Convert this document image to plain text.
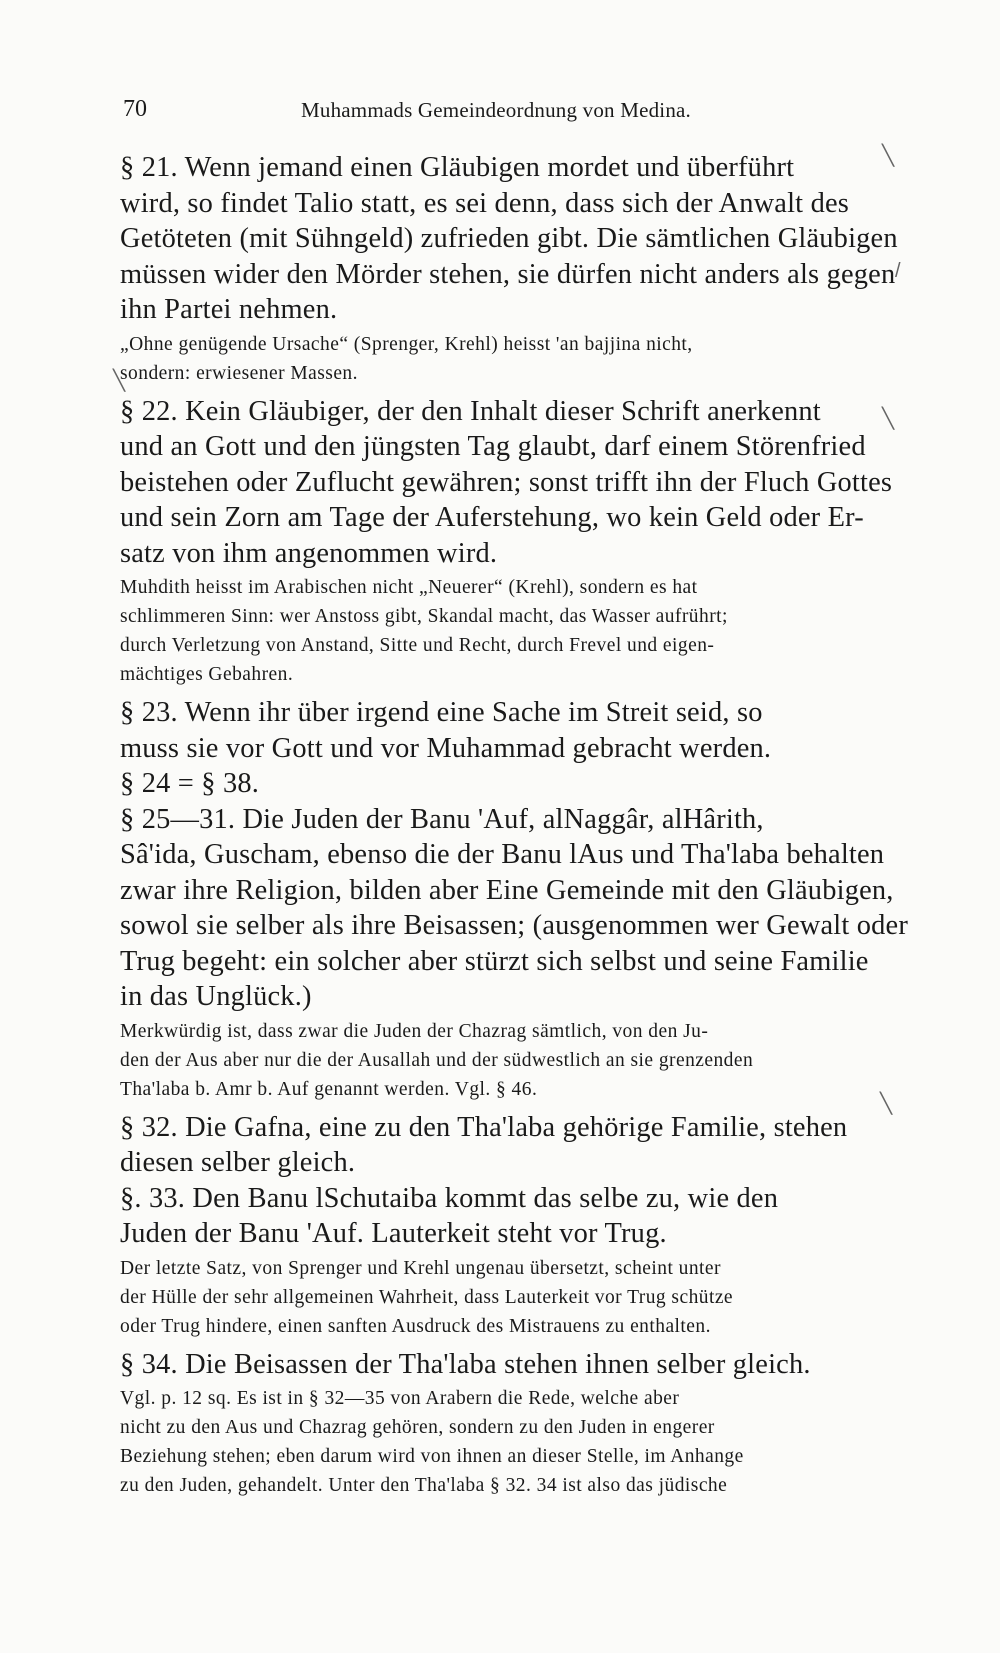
70	Muhammads Gemeindeordnung von Medina.
╲
/
╲
╲
╲
§ 21. Wenn jemand einen Gläubigen mordet und überführt
wird, so findet Talio statt, es sei denn, dass sich der Anwalt des
Getöteten (mit Sühngeld) zufrieden gibt. Die sämtlichen Gläubigen
müssen wider den Mörder stehen, sie dürfen nicht anders als gegen
ihn Partei nehmen.
„Ohne genügende Ursache“ (Sprenger, Krehl) heisst 'an bajjina nicht,
sondern: erwiesener Massen.
§ 22. Kein Gläubiger, der den Inhalt dieser Schrift anerkennt
und an Gott und den jüngsten Tag glaubt, darf einem Störenfried
beistehen oder Zuflucht gewähren; sonst trifft ihn der Fluch Gottes
und sein Zorn am Tage der Auferstehung, wo kein Geld oder Er-
satz von ihm angenommen wird.
Muhdith heisst im Arabischen nicht „Neuerer“ (Krehl), sondern es hat
schlimmeren Sinn: wer Anstoss gibt, Skandal macht, das Wasser aufrührt;
durch Verletzung von Anstand, Sitte und Recht, durch Frevel und eigen-
mächtiges Gebahren.
§ 23. Wenn ihr über irgend eine Sache im Streit seid, so
muss sie vor Gott und vor Muhammad gebracht werden.
§ 24 = § 38.
§ 25—31. Die Juden der Banu 'Auf, alNaggâr, alHârith,
Sâ'ida, Guscham, ebenso die der Banu lAus und Tha'laba behalten
zwar ihre Religion, bilden aber Eine Gemeinde mit den Gläubigen,
sowol sie selber als ihre Beisassen; (ausgenommen wer Gewalt oder
Trug begeht: ein solcher aber stürzt sich selbst und seine Familie
in das Unglück.)
Merkwürdig ist, dass zwar die Juden der Chazrag sämtlich, von den Ju-
den der Aus aber nur die der Ausallah und der südwestlich an sie grenzenden
Tha'laba b. Amr b. Auf genannt werden. Vgl. § 46.
§ 32. Die Gafna, eine zu den Tha'laba gehörige Familie, stehen
diesen selber gleich.
§. 33. Den Banu lSchutaiba kommt das selbe zu, wie den
Juden der Banu 'Auf. Lauterkeit steht vor Trug.
Der letzte Satz, von Sprenger und Krehl ungenau übersetzt, scheint unter
der Hülle der sehr allgemeinen Wahrheit, dass Lauterkeit vor Trug schütze
oder Trug hindere, einen sanften Ausdruck des Mistrauens zu enthalten.
§ 34. Die Beisassen der Tha'laba stehen ihnen selber gleich.
Vgl. p. 12 sq. Es ist in § 32—35 von Arabern die Rede, welche aber
nicht zu den Aus und Chazrag gehören, sondern zu den Juden in engerer
Beziehung stehen; eben darum wird von ihnen an dieser Stelle, im Anhange
zu den Juden, gehandelt. Unter den Tha'laba § 32. 34 ist also das jüdische
